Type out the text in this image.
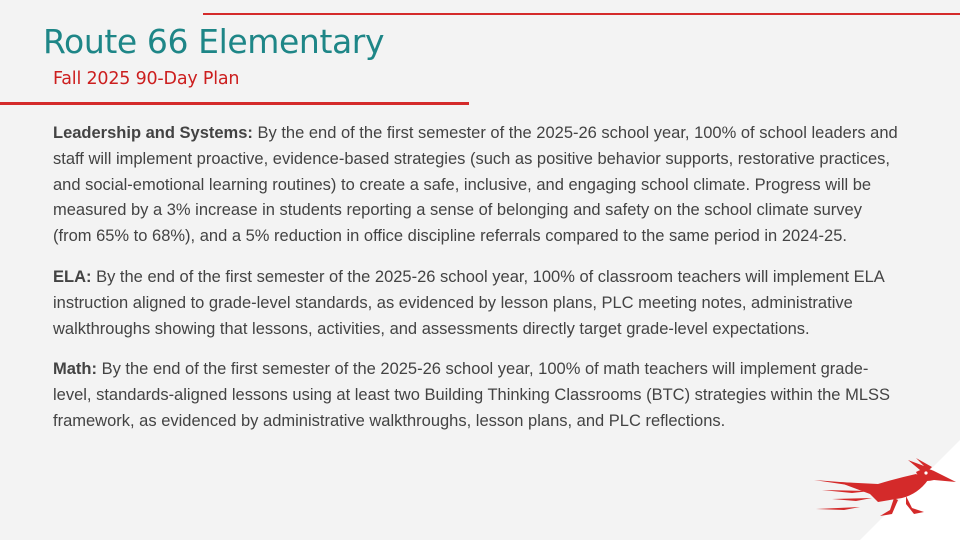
Route 66 Elementary
Fall 2025 90-Day Plan

Leadership and Systems: By the end of the first semester of the 2025-26 school year, 100% of school leaders and staff will implement proactive, evidence-based strategies (such as positive behavior supports, restorative practices, and social-emotional learning routines) to create a safe, inclusive, and engaging school climate. Progress will be measured by a 3% increase in students reporting a sense of belonging and safety on the school climate survey (from 65% to 68%), and a 5% reduction in office discipline referrals compared to the same period in 2024-25.

ELA: By the end of the first semester of the 2025-26 school year, 100% of classroom teachers will implement ELA instruction aligned to grade-level standards, as evidenced by lesson plans, PLC meeting notes, administrative walkthroughs showing that lessons, activities, and assessments directly target grade-level expectations.

Math: By the end of the first semester of the 2025-26 school year, 100% of math teachers will implement grade-level, standards-aligned lessons using at least two Building Thinking Classrooms (BTC) strategies within the MLSS framework, as evidenced by administrative walkthroughs, lesson plans, and PLC reflections.
